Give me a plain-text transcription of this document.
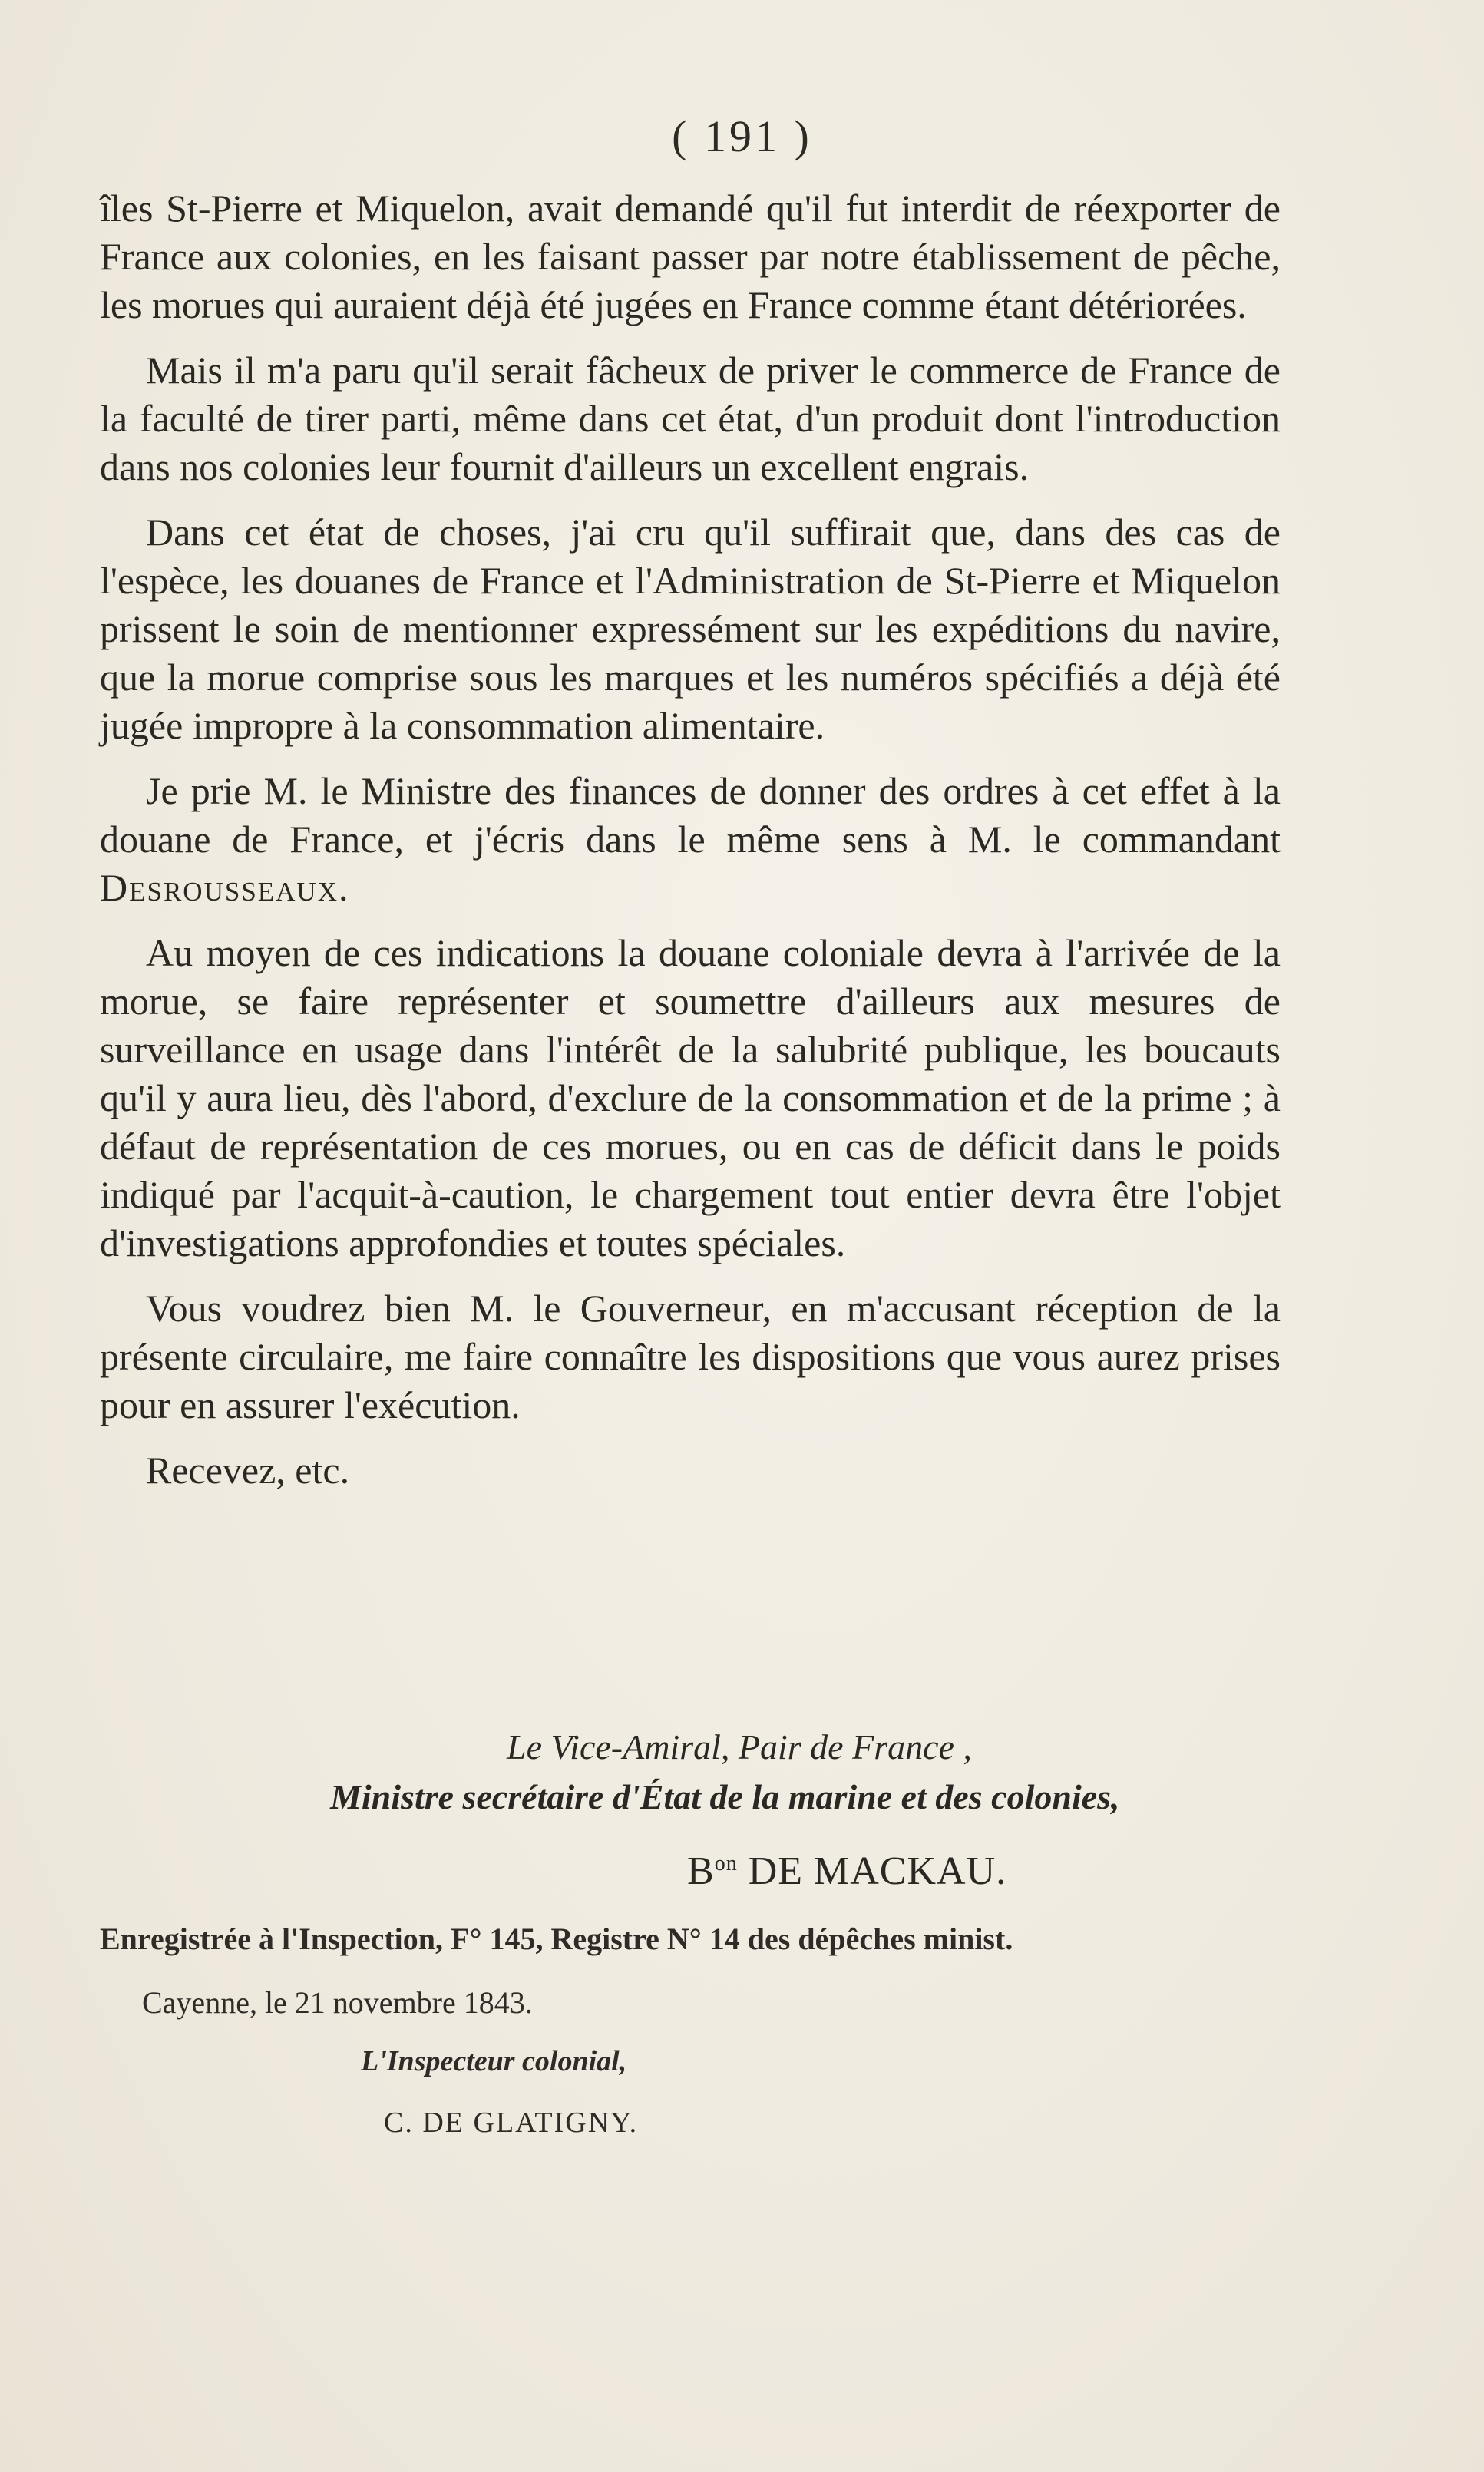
( 191 )

îles St-Pierre et Miquelon, avait demandé qu'il fut interdit de réexporter de France aux colonies, en les faisant passer par notre établissement de pêche, les morues qui auraient déjà été jugées en France comme étant détériorées.

Mais il m'a paru qu'il serait fâcheux de priver le commerce de France de la faculté de tirer parti, même dans cet état, d'un produit dont l'introduction dans nos colonies leur fournit d'ailleurs un excellent engrais.

Dans cet état de choses, j'ai cru qu'il suffirait que, dans des cas de l'espèce, les douanes de France et l'Administration de St-Pierre et Miquelon prissent le soin de mentionner expressément sur les expéditions du navire, que la morue comprise sous les marques et les numéros spécifiés a déjà été jugée impropre à la consommation alimentaire.

Je prie M. le Ministre des finances de donner des ordres à cet effet à la douane de France, et j'écris dans le même sens à M. le commandant Desrousseaux.

Au moyen de ces indications la douane coloniale devra à l'arrivée de la morue, se faire représenter et soumettre d'ailleurs aux mesures de surveillance en usage dans l'intérêt de la salubrité publique, les boucauts qu'il y aura lieu, dès l'abord, d'exclure de la consommation et de la prime ; à défaut de représentation de ces morues, ou en cas de déficit dans le poids indiqué par l'acquit-à-caution, le chargement tout entier devra être l'objet d'investigations approfondies et toutes spéciales.

Vous voudrez bien M. le Gouverneur, en m'accusant réception de la présente circulaire, me faire connaître les dispositions que vous aurez prises pour en assurer l'exécution.

Recevez, etc.

Le Vice-Amiral, Pair de France ,
Ministre secrétaire d'État de la marine et des colonies,
$B^{on}$ DE MACKAU.
Enregistrée à l'Inspection, F° 145, Registre N° 14 des dépêches minist.
Cayenne, le 21 novembre 1843.
L'Inspecteur colonial,
C. DE GLATIGNY.
